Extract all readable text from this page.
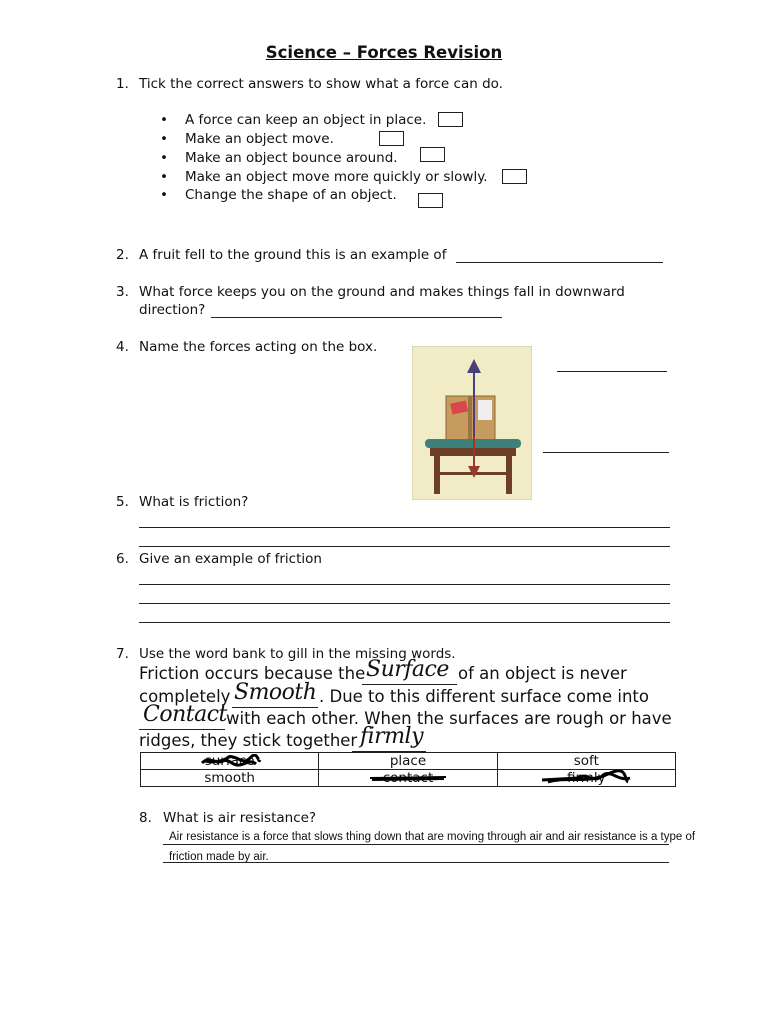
Science – Forces Revision
1. Tick the correct answers to show what a force can do.
• A force can keep an object in place.
• Make an object move.
• Make an object bounce around.
• Make an object move more quickly or slowly.
• Change the shape of an object.
2. A fruit fell to the ground this is an example of
3. What force keeps you on the ground and makes things fall in downward
direction?
4. Name the forces acting on the box.
5. What is friction?
6. Give an example of friction
7. Use the word bank to gill in the missing words.
Friction occurs because the Surface of an object is never
completely Smooth . Due to this different surface come into
Contact with each other. When the surfaces are rough or have
ridges, they stick together firmly
surface	place	soft
smooth	contact	firmly
8. What is air resistance?
Air resistance is a force that slows thing down that are moving through air and air resistance is a type of
friction made by air.
